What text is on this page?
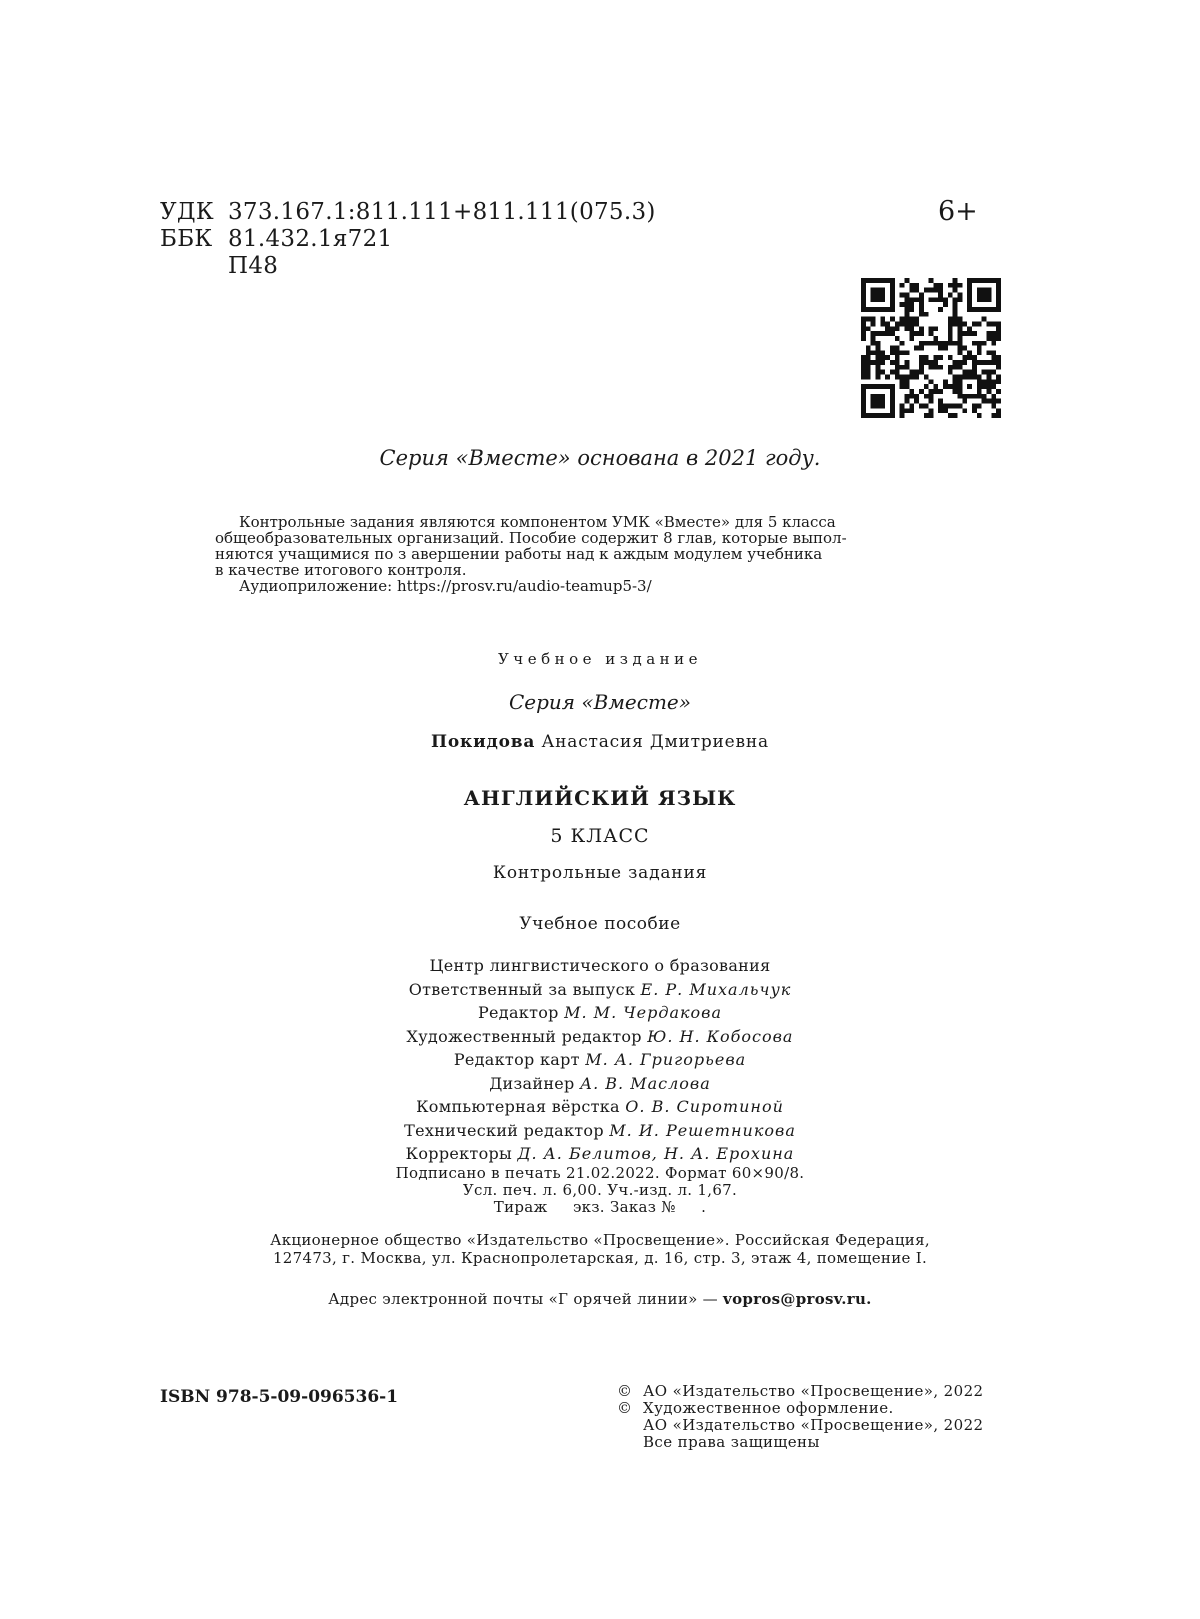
УДК 373.167.1:811.111+811.111(075.3)
ББК 81.432.1я721
П48
6+
Серия «Вместе» основана в 2021 году.

Контрольные задания являются компонентом УМК «Вместе» для 5 класса

общеобразовательных организаций. Пособие содержит 8 глав, которые выпол-

няются учащимися по з авершении работы над к аждым модулем учебника

в качестве итогового контроля.

Аудиоприложение: https://prosv.ru/audio-teamup5-3/

Учебное издание
Серия «Вместе»
Покидова Анастасия Дмитриевна
АНГЛИЙСКИЙ ЯЗЫК
5 КЛАСС
Контрольные задания
Учебное пособие
Центр лингвистического о бразования
Ответственный за выпуск Е. Р. Михальчук
Редактор М. М. Чердакова
Художественный редактор Ю. Н. Кобосова
Редактор карт М. А. Григорьева
Дизайнер А. В. Маслова
Компьютерная вёрстка О. В. Сиротиной
Технический редактор М. И. Решетникова
Корректоры Д. А. Белитов, Н. А. Ерохина
Подписано в печать 21.02.2022. Формат 60×90/8.
Усл. печ. л. 6,00. Уч.-изд. л. 1,67.
Тираж     экз. Заказ №     .
Акционерное общество «Издательство «Просвещение». Российская Федерация,
127473, г. Москва, ул. Краснопролетарская, д. 16, стр. 3, этаж 4, помещение I.
Адрес электронной почты «Г орячей линии» — vopros@prosv.ru.
ISBN 978-5-09-096536-1	© АО «Издательство «Просвещение», 2022
© Художественное оформление.
АО «Издательство «Просвещение», 2022
Все права защищены
